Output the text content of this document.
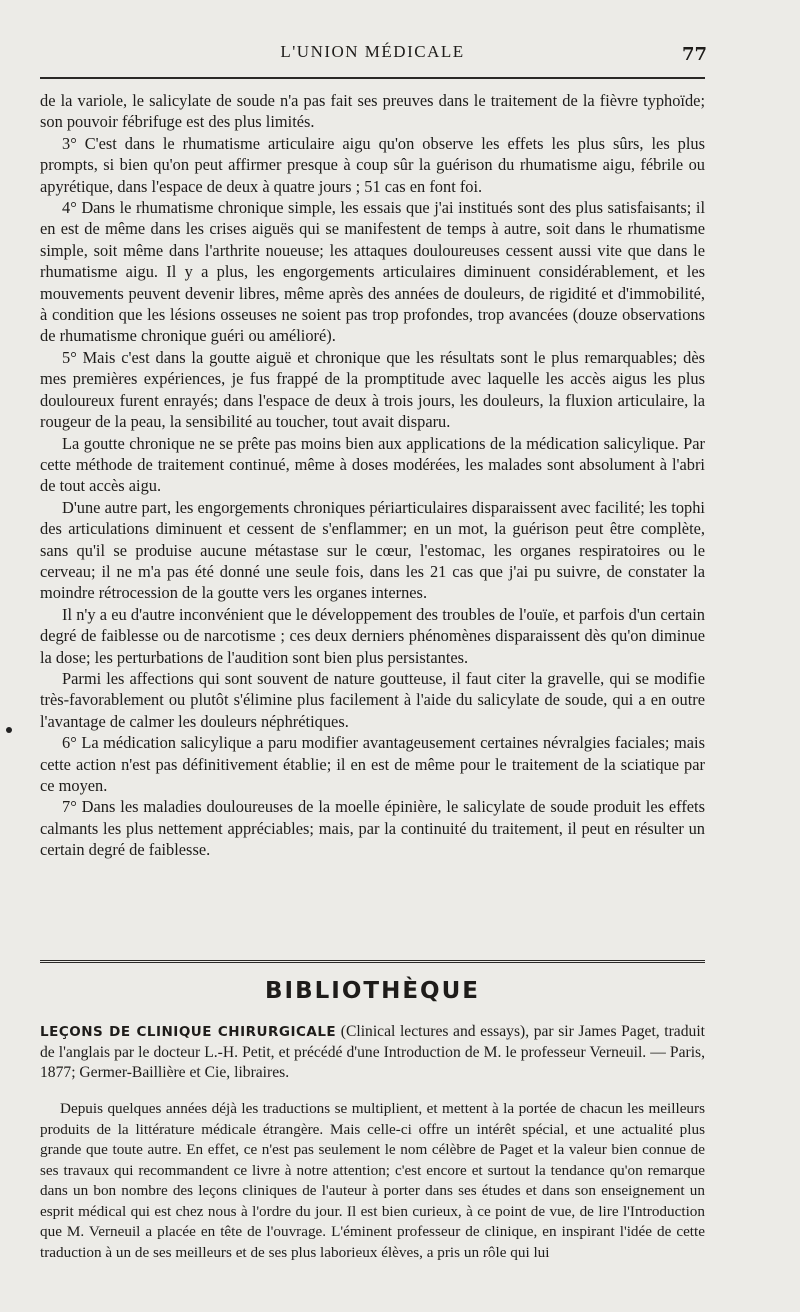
L'UNION MÉDICALE	77

de la variole, le salicylate de soude n'a pas fait ses preuves dans le traitement de la fièvre typhoïde; son pouvoir fébrifuge est des plus limités.

3° C'est dans le rhumatisme articulaire aigu qu'on observe les effets les plus sûrs, les plus prompts, si bien qu'on peut affirmer presque à coup sûr la guérison du rhumatisme aigu, fébrile ou apyrétique, dans l'espace de deux à quatre jours ; 51 cas en font foi.

4° Dans le rhumatisme chronique simple, les essais que j'ai institués sont des plus satisfaisants; il en est de même dans les crises aiguës qui se manifestent de temps à autre, soit dans le rhumatisme simple, soit même dans l'arthrite noueuse; les attaques douloureuses cessent aussi vite que dans le rhumatisme aigu. Il y a plus, les engorgements articulaires diminuent considérablement, et les mouvements peuvent devenir libres, même après des années de douleurs, de rigidité et d'immobilité, à condition que les lésions osseuses ne soient pas trop profondes, trop avancées (douze observations de rhumatisme chronique guéri ou amélioré).

5° Mais c'est dans la goutte aiguë et chronique que les résultats sont le plus remarquables; dès mes premières expériences, je fus frappé de la promptitude avec laquelle les accès aigus les plus douloureux furent enrayés; dans l'espace de deux à trois jours, les douleurs, la fluxion articulaire, la rougeur de la peau, la sensibilité au toucher, tout avait disparu.

La goutte chronique ne se prête pas moins bien aux applications de la médication salicylique. Par cette méthode de traitement continué, même à doses modérées, les malades sont absolument à l'abri de tout accès aigu.

D'une autre part, les engorgements chroniques périarticulaires disparaissent avec facilité; les tophi des articulations diminuent et cessent de s'enflammer; en un mot, la guérison peut être complète, sans qu'il se produise aucune métastase sur le cœur, l'estomac, les organes respiratoires ou le cerveau; il ne m'a pas été donné une seule fois, dans les 21 cas que j'ai pu suivre, de constater la moindre rétrocession de la goutte vers les organes internes.

Il n'y a eu d'autre inconvénient que le développement des troubles de l'ouïe, et parfois d'un certain degré de faiblesse ou de narcotisme ; ces deux derniers phénomènes disparaissent dès qu'on diminue la dose; les perturbations de l'audition sont bien plus persistantes.

Parmi les affections qui sont souvent de nature goutteuse, il faut citer la gravelle, qui se modifie très-favorablement ou plutôt s'élimine plus facilement à l'aide du salicylate de soude, qui a en outre l'avantage de calmer les douleurs néphrétiques.

6° La médication salicylique a paru modifier avantageusement certaines névralgies faciales; mais cette action n'est pas définitivement établie; il en est de même pour le traitement de la sciatique par ce moyen.

7° Dans les maladies douloureuses de la moelle épinière, le salicylate de soude produit les effets calmants les plus nettement appréciables; mais, par la continuité du traitement, il peut en résulter un certain degré de faiblesse.

BIBLIOTHÈQUE
LEÇONS DE CLINIQUE CHIRURGICALE (Clinical lectures and essays), par sir James Paget, traduit de l'anglais par le docteur L.-H. Petit, et précédé d'une Introduction de M. le professeur Verneuil. — Paris, 1877; Germer-Baillière et Cie, libraires.

Depuis quelques années déjà les traductions se multiplient, et mettent à la portée de chacun les meilleurs produits de la littérature médicale étrangère. Mais celle-ci offre un intérêt spécial, et une actualité plus grande que toute autre. En effet, ce n'est pas seulement le nom célèbre de Paget et la valeur bien connue de ses travaux qui recommandent ce livre à notre attention; c'est encore et surtout la tendance qu'on remarque dans un bon nombre des leçons cliniques de l'auteur à porter dans ses études et dans son enseignement un esprit médical qui est chez nous à l'ordre du jour. Il est bien curieux, à ce point de vue, de lire l'Introduction que M. Verneuil a placée en tête de l'ouvrage. L'éminent professeur de clinique, en inspirant l'idée de cette traduction à un de ses meilleurs et de ses plus laborieux élèves, a pris un rôle qui lui
